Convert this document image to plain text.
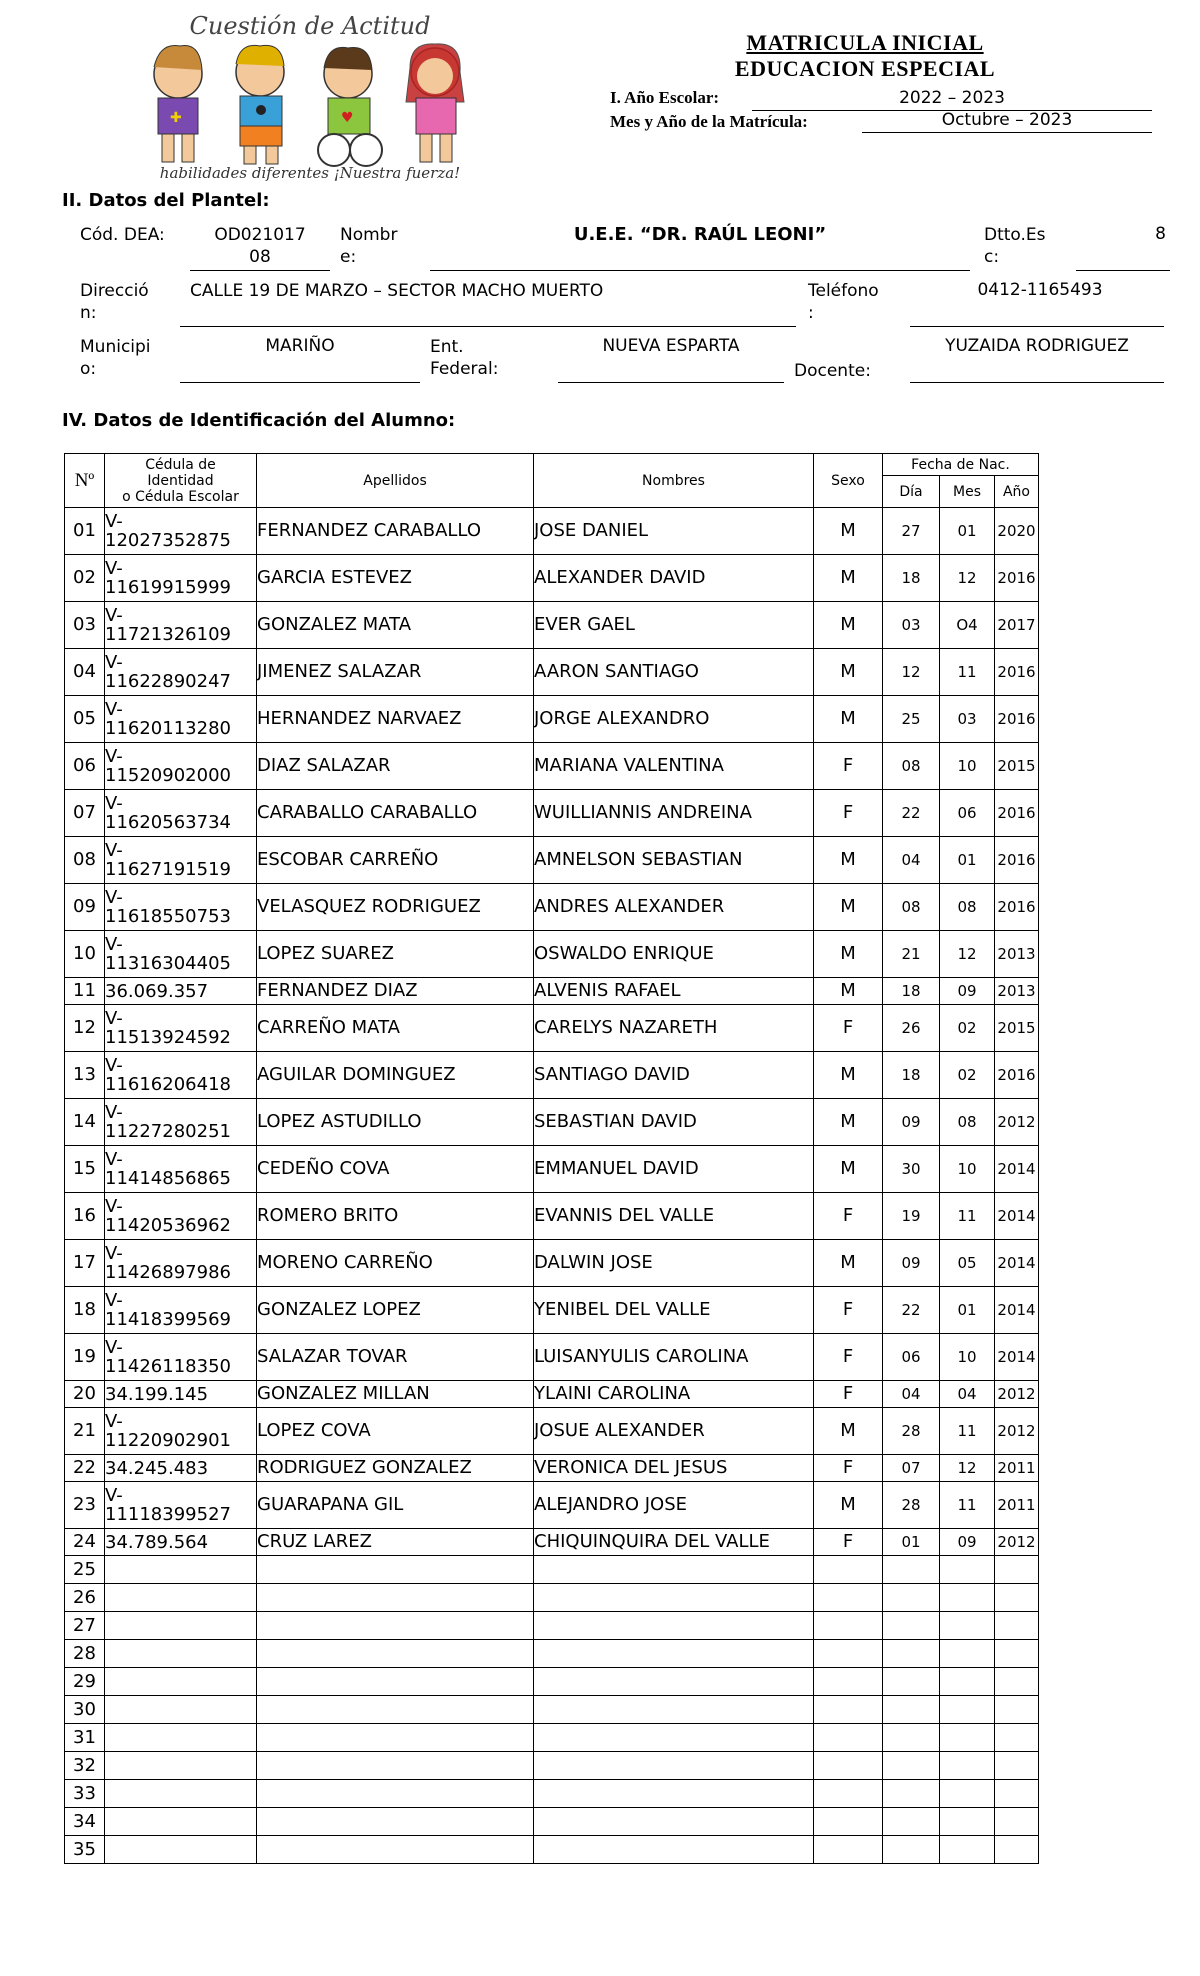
Cuestión de Actitud
✚	♥
habilidades diferentes ¡Nuestra fuerza!
MATRICULA INICIAL
EDUCACION ESPECIAL
I. Año Escolar:	2022 – 2023
Mes y Año de la Matrícula:	Octubre – 2023
II. Datos del Plantel:
Cód. DEA:	OD021017
08
Nombr
e:
U.E.E. “DR. RAÚL LEONI”	Dtto.Es
c:
8
Direcció
n:
CALLE 19 DE MARZO – SECTOR MACHO MUERTO	Teléfono
:
0412-1165493
Municipi
o:
MARIÑO	Ent.
Federal:
NUEVA ESPARTA
Docente:
YUZAIDA RODRIGUEZ
IV. Datos de Identificación del Alumno:
Nº	Cédula de
Identidad
o Cédula Escolar	Apellidos	Nombres	Sexo	Fecha de Nac.		
					Día	Mes	Año
01	V-
12027352875	FERNANDEZ CARABALLO	JOSE DANIEL	M	27	01	2020
02	V-
11619915999	GARCIA ESTEVEZ	ALEXANDER DAVID	M	18	12	2016
03	V-
11721326109	GONZALEZ MATA	EVER GAEL	M	03	O4	2017
04	V-
11622890247	JIMENEZ SALAZAR	AARON SANTIAGO	M	12	11	2016
05	V-
11620113280	HERNANDEZ NARVAEZ	JORGE ALEXANDRO	M	25	03	2016
06	V-
11520902000	DIAZ SALAZAR	MARIANA VALENTINA	F	08	10	2015
07	V-
11620563734	CARABALLO CARABALLO	WUILLIANNIS ANDREINA	F	22	06	2016
08	V-
11627191519	ESCOBAR CARREÑO	AMNELSON SEBASTIAN	M	04	01	2016
09	V-
11618550753	VELASQUEZ RODRIGUEZ	ANDRES ALEXANDER	M	08	08	2016
10	V-
11316304405	LOPEZ SUAREZ	OSWALDO ENRIQUE	M	21	12	2013
11	36.069.357	FERNANDEZ DIAZ	ALVENIS RAFAEL	M	18	09	2013
12	V-
11513924592	CARREÑO MATA	CARELYS NAZARETH	F	26	02	2015
13	V-
11616206418	AGUILAR DOMINGUEZ	SANTIAGO DAVID	M	18	02	2016
14	V-
11227280251	LOPEZ ASTUDILLO	SEBASTIAN DAVID	M	09	08	2012
15	V-
11414856865	CEDEÑO COVA	EMMANUEL DAVID	M	30	10	2014
16	V-
11420536962	ROMERO BRITO	EVANNIS DEL VALLE	F	19	11	2014
17	V-
11426897986	MORENO CARREÑO	DALWIN JOSE	M	09	05	2014
18	V-
11418399569	GONZALEZ LOPEZ	YENIBEL DEL VALLE	F	22	01	2014
19	V-
11426118350	SALAZAR TOVAR	LUISANYULIS CAROLINA	F	06	10	2014
20	34.199.145	GONZALEZ MILLAN	YLAINI CAROLINA	F	04	04	2012
21	V-
11220902901	LOPEZ COVA	JOSUE ALEXANDER	M	28	11	2012
22	34.245.483	RODRIGUEZ GONZALEZ	VERONICA DEL JESUS	F	07	12	2011
23	V-
11118399527	GUARAPANA GIL	ALEJANDRO JOSE	M	28	11	2011
24	34.789.564	CRUZ LAREZ	CHIQUINQUIRA DEL VALLE	F	01	09	2012
25							
26							
27							
28							
29							
30							
31							
32							
33							
34							
35							
